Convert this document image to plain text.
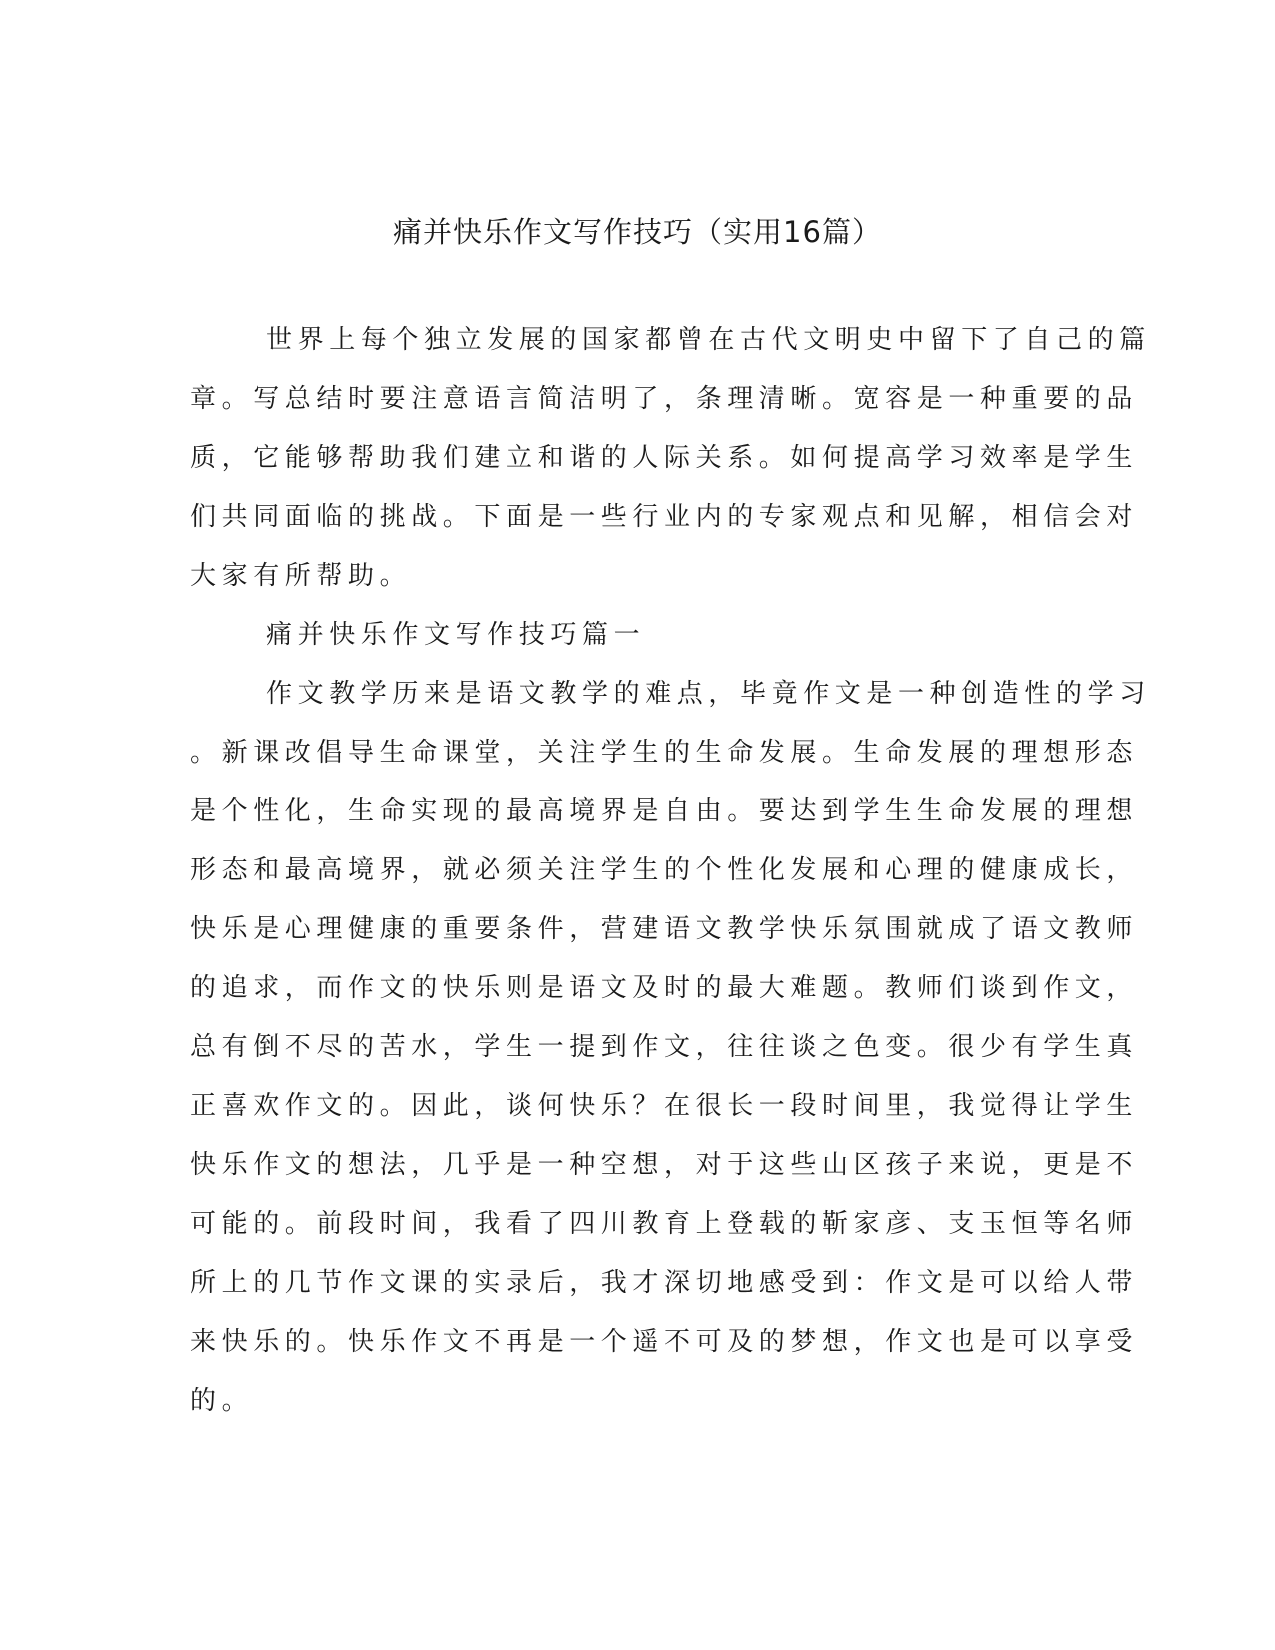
痛并快乐作文写作技巧（实用16篇）

世界上每个独立发展的国家都曾在古代文明史中留下了自己的篇

章。写总结时要注意语言简洁明了，条理清晰。宽容是一种重要的品

质，它能够帮助我们建立和谐的人际关系。如何提高学习效率是学生

们共同面临的挑战。下面是一些行业内的专家观点和见解，相信会对

大家有所帮助。

痛并快乐作文写作技巧篇一

作文教学历来是语文教学的难点，毕竟作文是一种创造性的学习

。新课改倡导生命课堂，关注学生的生命发展。生命发展的理想形态

是个性化，生命实现的最高境界是自由。要达到学生生命发展的理想

形态和最高境界，就必须关注学生的个性化发展和心理的健康成长，

快乐是心理健康的重要条件，营建语文教学快乐氛围就成了语文教师

的追求，而作文的快乐则是语文及时的最大难题。教师们谈到作文，

总有倒不尽的苦水，学生一提到作文，往往谈之色变。很少有学生真

正喜欢作文的。因此，谈何快乐？在很长一段时间里，我觉得让学生

快乐作文的想法，几乎是一种空想，对于这些山区孩子来说，更是不

可能的。前段时间，我看了四川教育上登载的靳家彦、支玉恒等名师

所上的几节作文课的实录后，我才深切地感受到：作文是可以给人带

来快乐的。快乐作文不再是一个遥不可及的梦想，作文也是可以享受

的。
